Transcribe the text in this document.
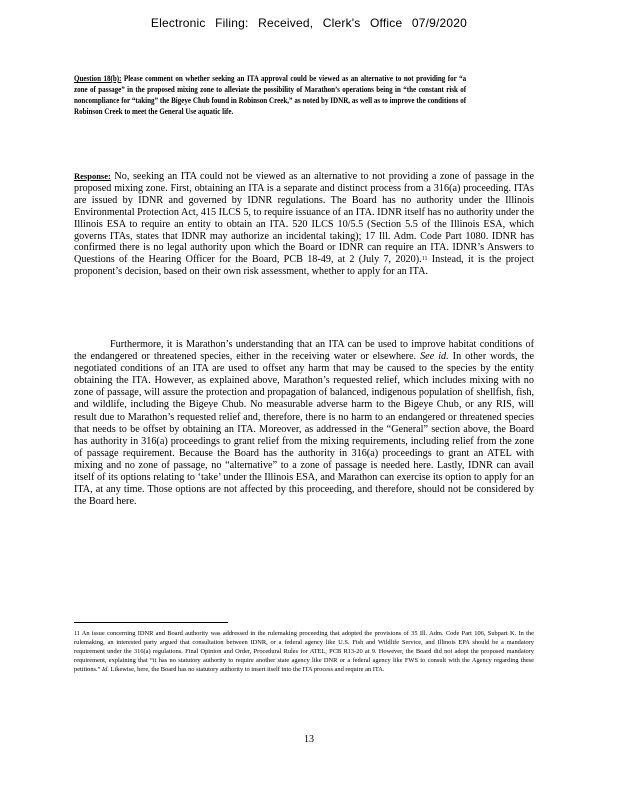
Electronic Filing: Received, Clerk's Office 07/9/2020
Question 18(b): Please comment on whether seeking an ITA approval could be viewed as an alternative to not providing for “a zone of passage” in the proposed mixing zone to alleviate the possibility of Marathon’s operations being in “the constant risk of noncompliance for “taking” the Bigeye Chub found in Robinson Creek,” as noted by IDNR, as well as to improve the conditions of Robinson Creek to meet the General Use aquatic life.
Response: No, seeking an ITA could not be viewed as an alternative to not providing a zone of passage in the proposed mixing zone. First, obtaining an ITA is a separate and distinct process from a 316(a) proceeding. ITAs are issued by IDNR and governed by IDNR regulations. The Board has no authority under the Illinois Environmental Protection Act, 415 ILCS 5, to require issuance of an ITA. IDNR itself has no authority under the Illinois ESA to require an entity to obtain an ITA. 520 ILCS 10/5.5 (Section 5.5 of the Illinois ESA, which governs ITAs, states that IDNR may authorize an incidental taking); 17 Ill. Adm. Code Part 1080. IDNR has confirmed there is no legal authority upon which the Board or IDNR can require an ITA. IDNR’s Answers to Questions of the Hearing Officer for the Board, PCB 18-49, at 2 (July 7, 2020).$^{11}$ Instead, it is the project proponent’s decision, based on their own risk assessment, whether to apply for an ITA.
Furthermore, it is Marathon’s understanding that an ITA can be used to improve habitat conditions of the endangered or threatened species, either in the receiving water or elsewhere. See id. In other words, the negotiated conditions of an ITA are used to offset any harm that may be caused to the species by the entity obtaining the ITA. However, as explained above, Marathon’s requested relief, which includes mixing with no zone of passage, will assure the protection and propagation of balanced, indigenous population of shellfish, fish, and wildlife, including the Bigeye Chub. No measurable adverse harm to the Bigeye Chub, or any RIS, will result due to Marathon’s requested relief and, therefore, there is no harm to an endangered or threatened species that needs to be offset by obtaining an ITA. Moreover, as addressed in the “General” section above, the Board has authority in 316(a) proceedings to grant relief from the mixing requirements, including relief from the zone of passage requirement. Because the Board has the authority in 316(a) proceedings to grant an ATEL with mixing and no zone of passage, no “alternative” to a zone of passage is needed here. Lastly, IDNR can avail itself of its options relating to ‘take’ under the Illinois ESA, and Marathon can exercise its option to apply for an ITA, at any time. Those options are not affected by this proceeding, and therefore, should not be considered by the Board here.
$^{11}$ An issue concerning IDNR and Board authority was addressed in the rulemaking proceeding that adopted the provisions of 35 Ill. Adm. Code Part 106, Subpart K. In the rulemaking, an interested party argued that consultation between IDNR, or a federal agency like U.S. Fish and Wildlife Service, and Illinois EPA should be a mandatory requirement under the 316(a) regulations. Final Opinion and Order, Procedural Rules for ATEL, PCB R13-20 at 9. However, the Board did not adopt the proposed mandatory requirement, explaining that “it has no statutory authority to require another state agency like DNR or a federal agency like FWS to consult with the Agency regarding these petitions.” Id. Likewise, here, the Board has no statutory authority to insert itself into the ITA process and require an ITA.
13
